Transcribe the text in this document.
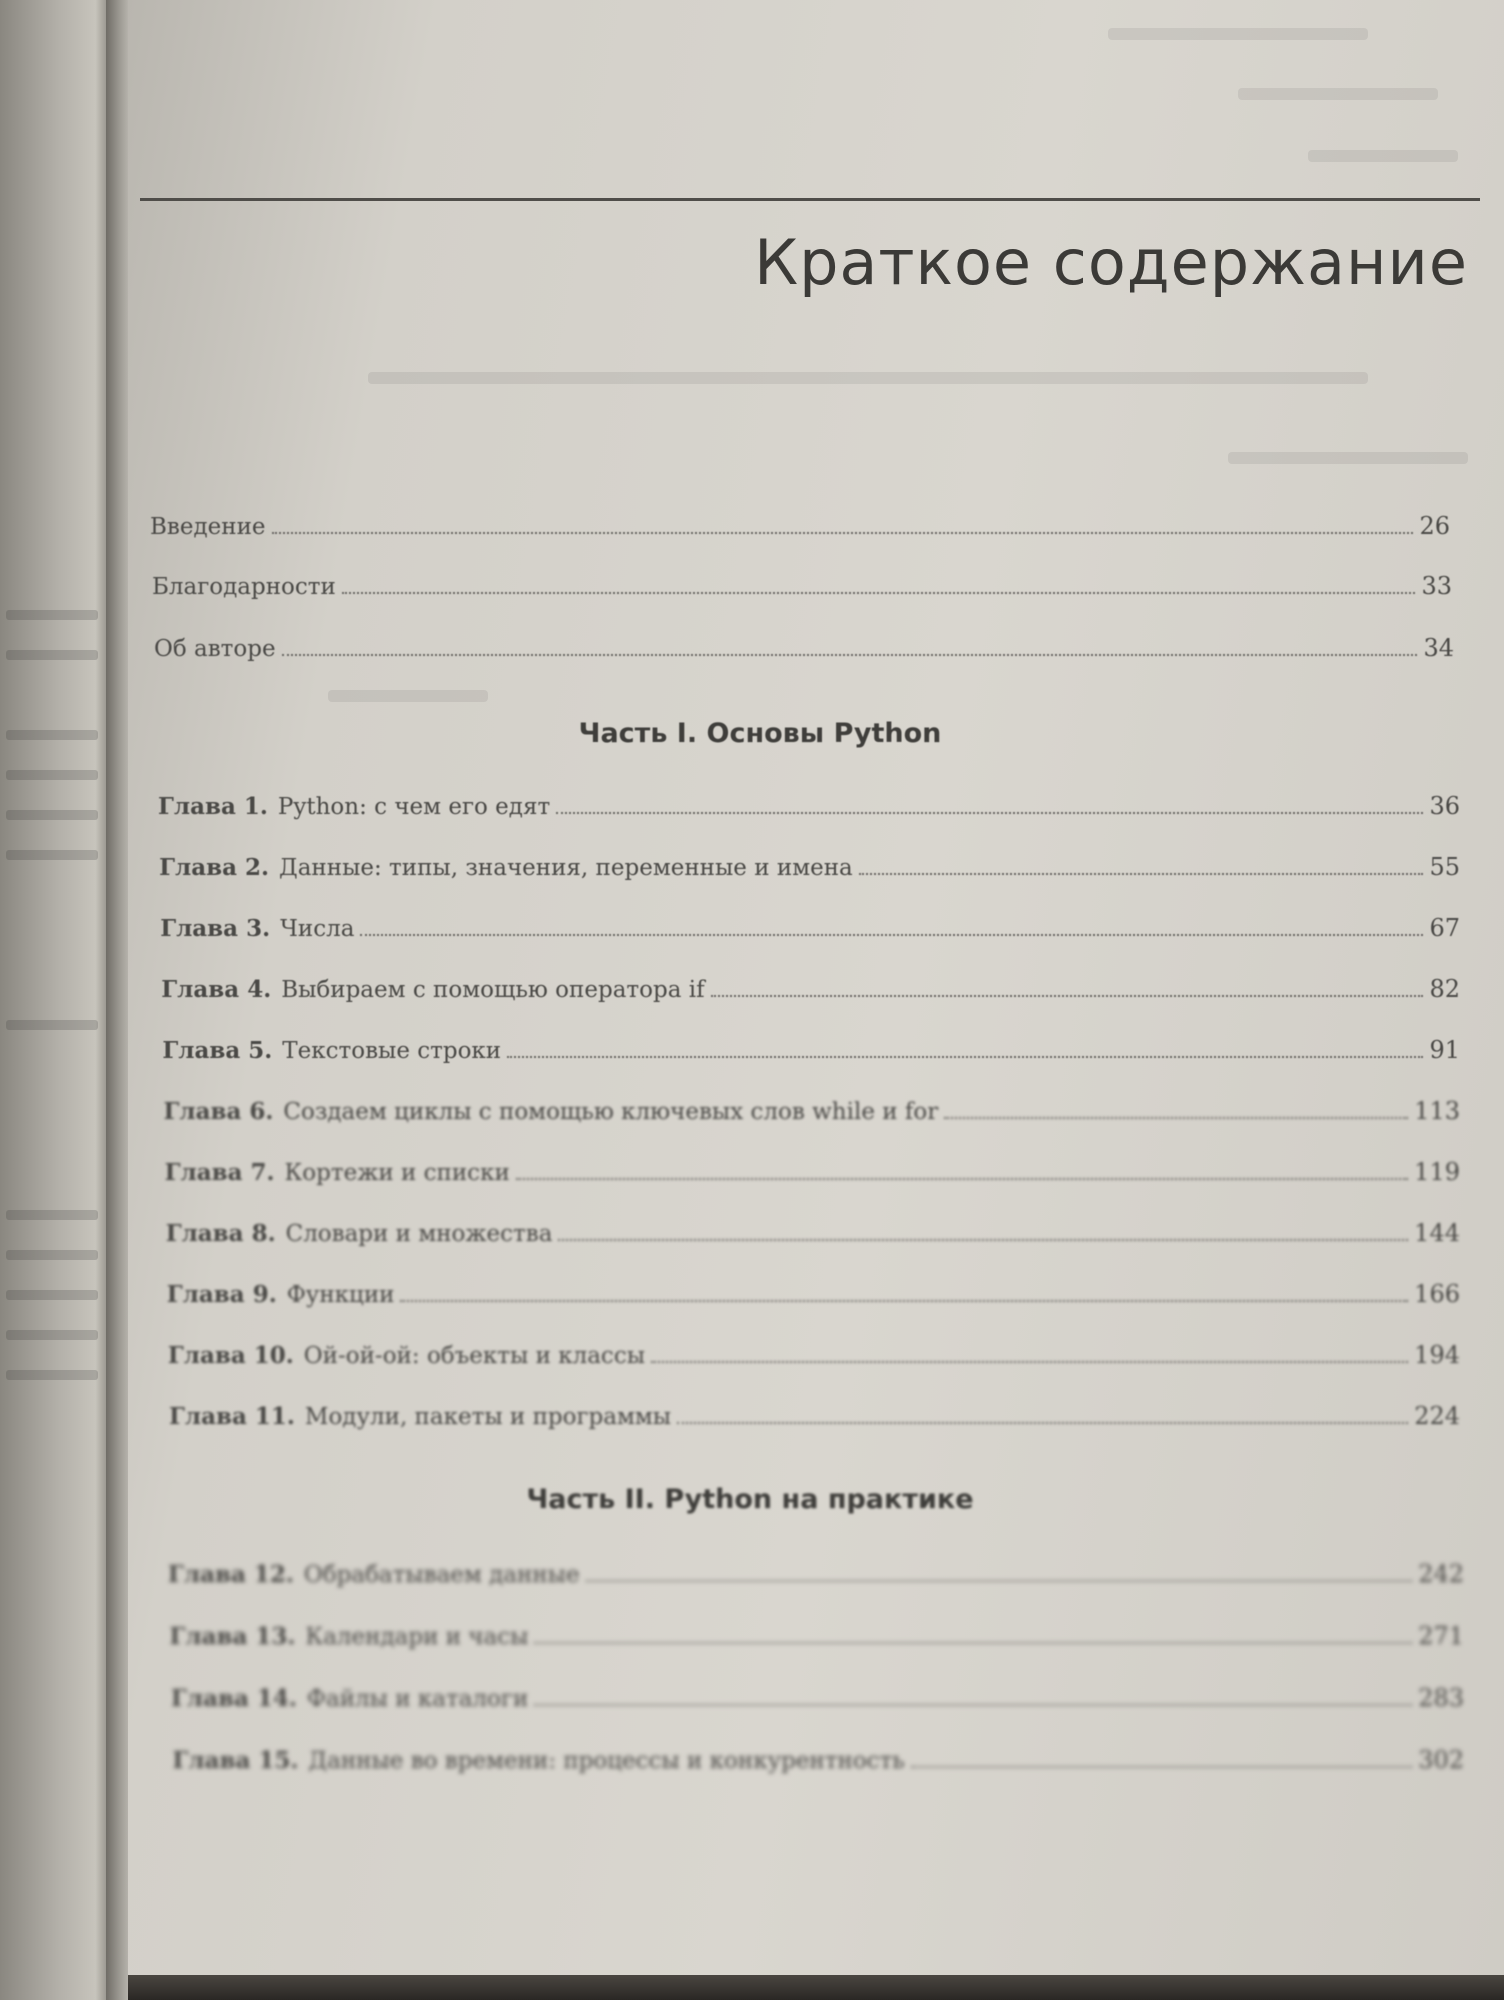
Краткое содержание
Введение	26
Благодарности	33
Об авторе	34
Часть I. Основы Python
Глава 1. Python: с чем его едят	36
Глава 2. Данные: типы, значения, переменные и имена	55
Глава 3. Числа	67
Глава 4. Выбираем с помощью оператора if	82
Глава 5. Текстовые строки	91
Глава 6. Создаем циклы с помощью ключевых слов while и for	113
Глава 7. Кортежи и списки	119
Глава 8. Словари и множества	144
Глава 9. Функции	166
Глава 10. Ой-ой-ой: объекты и классы	194
Глава 11. Модули, пакеты и программы	224
Часть II. Python на практике
Глава 12. Обрабатываем данные	242
Глава 13. Календари и часы	271
Глава 14. Файлы и каталоги	283
Глава 15. Данные во времени: процессы и конкурентность	302
